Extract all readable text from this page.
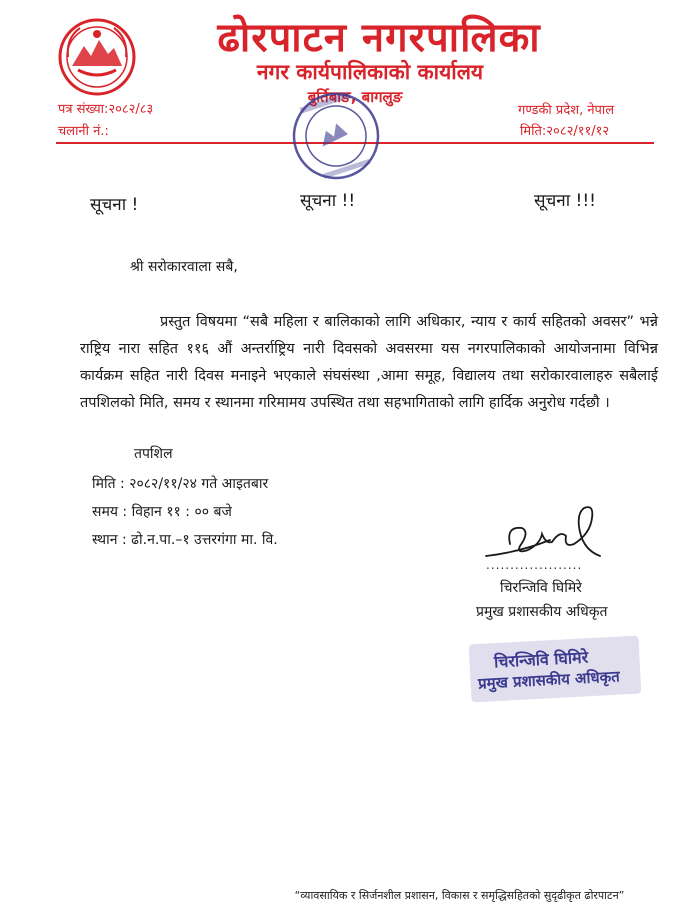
ढोरपाटन नगरपालिका
नगर कार्यपालिकाको कार्यालय
बुर्तिबाङ, बागलुङ
पत्र संख्या:२०८२/८३
चलानी नं.:
गण्डकी प्रदेश, नेपाल
मिति:२०८२/११/१२
सूचना !	सूचना !!	सूचना !!!
श्री सरोकारवाला सबै,
प्रस्तुत विषयमा “सबै महिला र बालिकाको लागि अधिकार, न्याय र कार्य सहितको अवसर” भन्ने राष्ट्रिय नारा सहित ११६ औं अन्तर्राष्ट्रिय नारी दिवसको अवसरमा यस नगरपालिकाको आयोजनामा विभिन्न कार्यक्रम सहित नारी दिवस मनाइने भएकाले संघसंस्था ,आमा समूह, विद्यालय तथा सरोकारवालाहरु सबैलाई तपशिलको मिति, समय र स्थानमा गरिमामय उपस्थित तथा सहभागिताको लागि हार्दिक अनुरोध गर्दछौ ।
तपशिल
मिति : २०८२/११/२४ गते आइतबार
समय : विहान ११ : ०० बजे
स्थान : ढो.न.पा.–१ उत्तरगंगा मा. वि.
....................
चिरन्जिवि घिमिरे
प्रमुख प्रशासकीय अधिकृत
चिरन्जिवि घिमिरे
प्रमुख प्रशासकीय अधिकृत
“व्यावसायिक र सिर्जनशील प्रशासन, विकास र समृद्धिसहितको सुदृढीकृत ढोरपाटन”
